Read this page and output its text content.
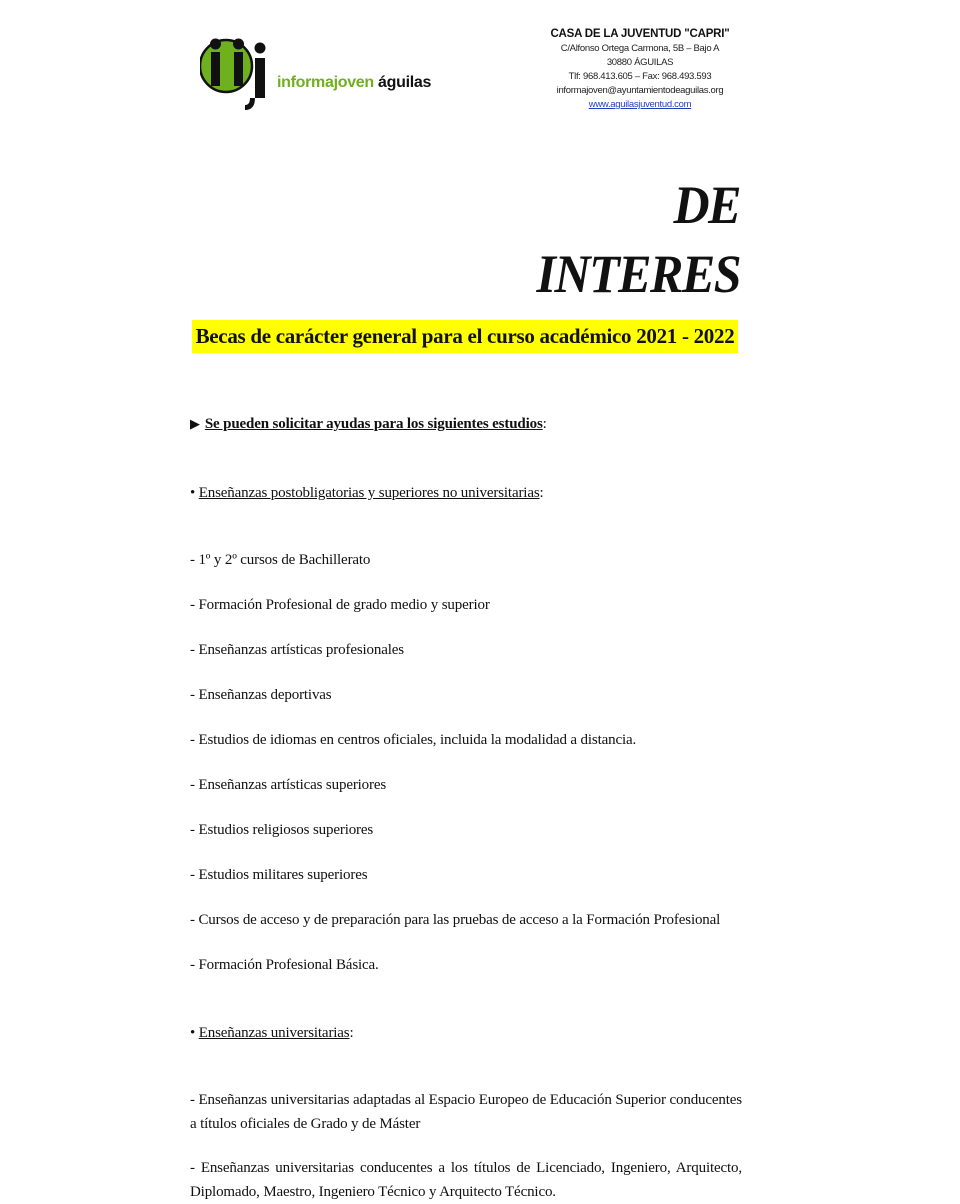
informajoven águilas
CASA DE LA JUVENTUD "CAPRI"
C/Alfonso Ortega Carmona, 5B – Bajo A
30880 ÁGUILAS
Tlf: 968.413.605 – Fax: 968.493.593
informajoven@ayuntamientodeaguilas.org
www.aguilasjuventud.com
DE INTERES
Becas de carácter general para el curso académico 2021 - 2022
▶ Se pueden solicitar ayudas para los siguientes estudios:
• Enseñanzas postobligatorias y superiores no universitarias:
- 1º y 2º cursos de Bachillerato
- Formación Profesional de grado medio y superior
- Enseñanzas artísticas profesionales
- Enseñanzas deportivas
- Estudios de idiomas en centros oficiales, incluida la modalidad a distancia.
- Enseñanzas artísticas superiores
- Estudios religiosos superiores
- Estudios militares superiores
- Cursos de acceso y de preparación para las pruebas de acceso a la Formación Profesional
- Formación Profesional Básica.
• Enseñanzas universitarias:
- Enseñanzas universitarias adaptadas al Espacio Europeo de Educación Superior conducentes a títulos oficiales de Grado y de Máster
- Enseñanzas universitarias conducentes a los títulos de Licenciado, Ingeniero, Arquitecto, Diplomado, Maestro, Ingeniero Técnico y Arquitecto Técnico.
